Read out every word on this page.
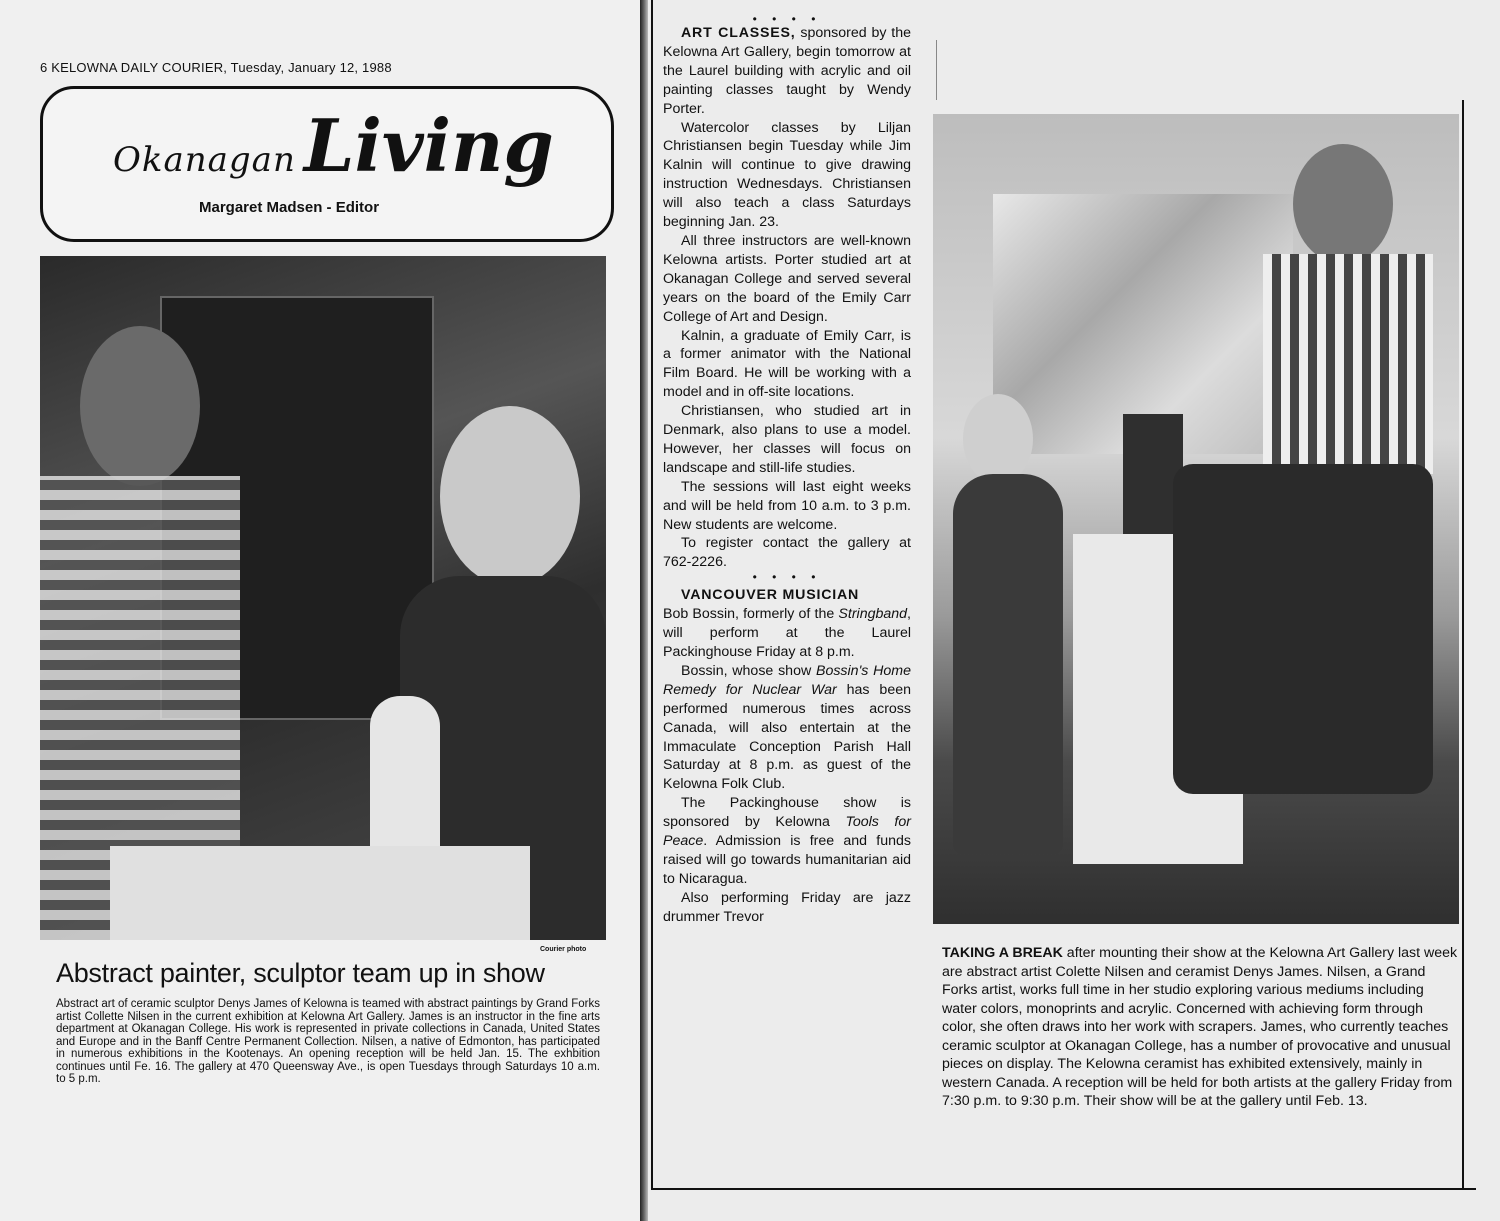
6 KELOWNA DAILY COURIER, Tuesday, January 12, 1988
Okanagan Living
Margaret Madsen - Editor
Courier photo
Abstract painter, sculptor team up in show
Abstract art of ceramic sculptor Denys James of Kelowna is teamed with abstract paintings by Grand Forks artist Collette Nilsen in the current exhibition at Kelowna Art Gallery. James is an instructor in the fine arts department at Okanagan College. His work is represented in private collections in Canada, United States and Europe and in the Banff Centre Permanent Collection. Nilsen, a native of Edmonton, has participated in numerous exhibitions in the Kootenays. An opening reception will be held Jan. 15. The exhbition continues until Fe. 16. The gallery at 470 Queensway Ave., is open Tuesdays through Saturdays 10 a.m. to 5 p.m.

• • • •

ART CLASSES, sponsored by the Kelowna Art Gallery, begin tomorrow at the Laurel building with acrylic and oil painting classes taught by Wendy Porter.

Watercolor classes by Liljan Christiansen begin Tuesday while Jim Kalnin will continue to give drawing instruction Wednesdays. Christiansen will also teach a class Saturdays beginning Jan. 23.

All three instructors are well-known Kelowna artists. Porter studied art at Okanagan College and served several years on the board of the Emily Carr College of Art and Design.

Kalnin, a graduate of Emily Carr, is a former animator with the National Film Board. He will be working with a model and in off-site locations.

Christiansen, who studied art in Denmark, also plans to use a model. However, her classes will focus on landscape and still-life studies.

The sessions will last eight weeks and will be held from 10 a.m. to 3 p.m. New students are welcome.

To register contact the gallery at 762-2226.

• • • •

VANCOUVER MUSICIAN

Bob Bossin, formerly of the Stringband, will perform at the Laurel Packinghouse Friday at 8 p.m.

Bossin, whose show Bossin's Home Remedy for Nuclear War has been performed numerous times across Canada, will also entertain at the Immaculate Conception Parish Hall Saturday at 8 p.m. as guest of the Kelowna Folk Club.

The Packinghouse show is sponsored by Kelowna Tools for Peace. Admission is free and funds raised will go towards humanitarian aid to Nicaragua.

Also performing Friday are jazz drummer Trevor

TAKING A BREAK after mounting their show at the Kelowna Art Gallery last week are abstract artist Colette Nilsen and ceramist Denys James. Nilsen, a Grand Forks artist, works full time in her studio exploring various mediums including water colors, monoprints and acrylic. Concerned with achieving form through color, she often draws into her work with scrapers. James, who currently teaches ceramic sculptor at Okanagan College, has a number of provocative and unusual pieces on display. The Kelowna ceramist has exhibited extensively, mainly in western Canada. A reception will be held for both artists at the gallery Friday from 7:30 p.m. to 9:30 p.m. Their show will be at the gallery until Feb. 13.
